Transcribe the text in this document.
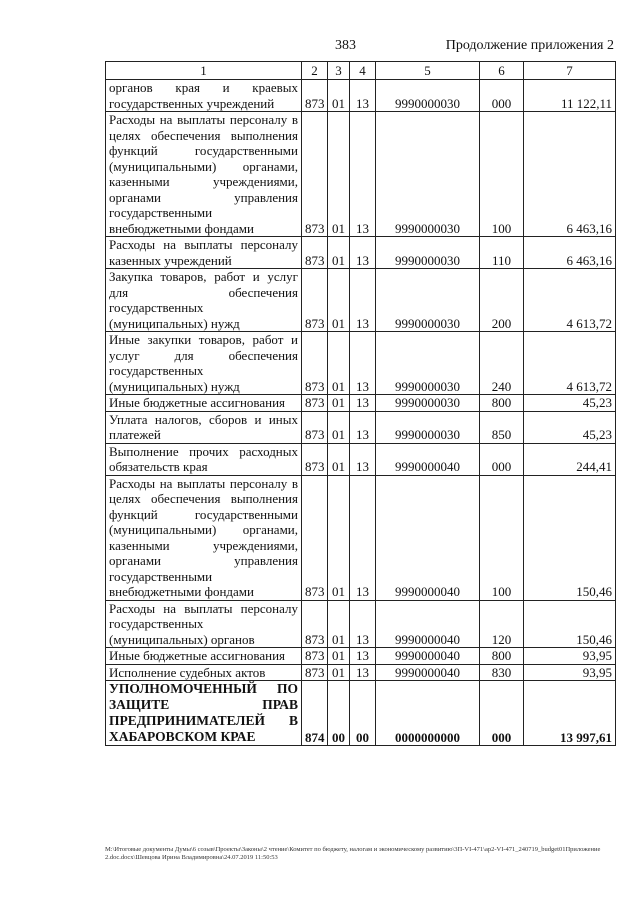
383	Продолжение приложения 2
1	2	3	4	5	6	7
органов края и краевых государственных учреждений	873	01	13	9990000030	000	11 122,11
Расходы на выплаты персоналу в целях обеспечения выполнения функций государственными (муниципальными) органами, казенными учреждениями, органами управления государственными внебюджетными фондами	873	01	13	9990000030	100	6 463,16
Расходы на выплаты персоналу казенных учреждений	873	01	13	9990000030	110	6 463,16
Закупка товаров, работ и услуг для обеспечения государственных (муниципальных) нужд	873	01	13	9990000030	200	4 613,72
Иные закупки товаров, работ и услуг для обеспечения государственных (муниципальных) нужд	873	01	13	9990000030	240	4 613,72
Иные бюджетные ассигнования	873	01	13	9990000030	800	45,23
Уплата налогов, сборов и иных платежей	873	01	13	9990000030	850	45,23
Выполнение прочих расходных обязательств края	873	01	13	9990000040	000	244,41
Расходы на выплаты персоналу в целях обеспечения выполнения функций государственными (муниципальными) органами, казенными учреждениями, органами управления государственными внебюджетными фондами	873	01	13	9990000040	100	150,46
Расходы на выплаты персоналу государственных (муниципальных) органов	873	01	13	9990000040	120	150,46
Иные бюджетные ассигнования	873	01	13	9990000040	800	93,95
Исполнение судебных актов	873	01	13	9990000040	830	93,95
УПОЛНОМОЧЕННЫЙ ПО ЗАЩИТЕ ПРАВ ПРЕДПРИНИМАТЕЛЕЙ В ХАБАРОВСКОМ КРАЕ	874	00	00	0000000000	000	13 997,61
M:\Итоговые документы Думы\6 созыв\Проекты\Законы\2 чтение\Комитет по бюджету, налогам и экономическому развитию\3П-VI-471\ap2-VI-471_240719_budget01Приложение 2.doc.docx\Шевцова Ирина Владимировна\24.07.2019 11:50:53
